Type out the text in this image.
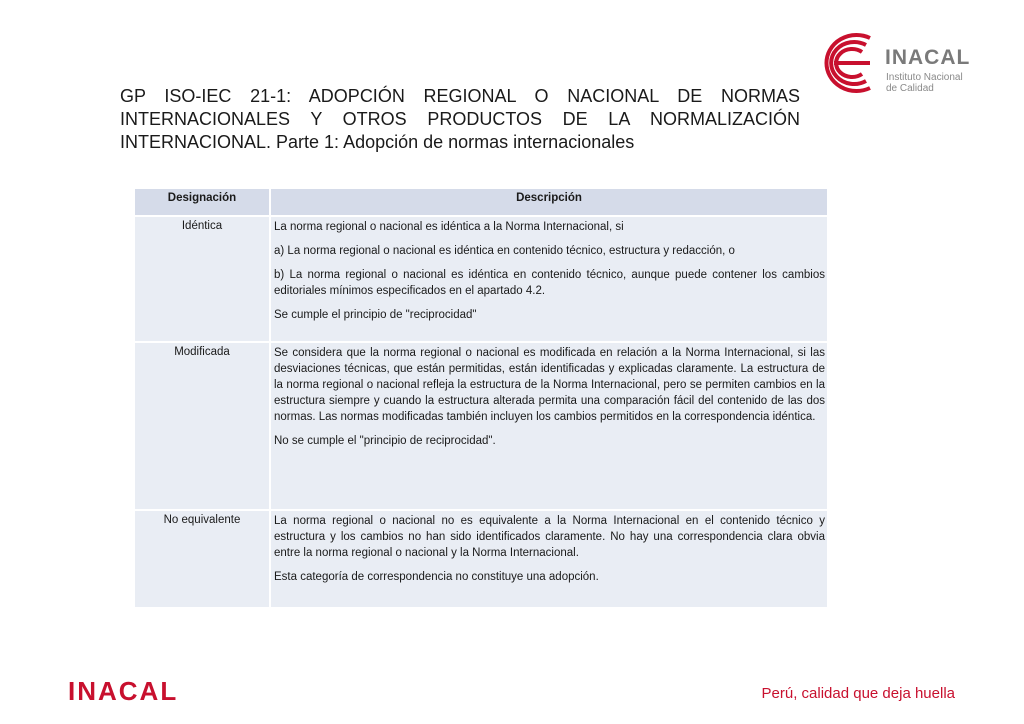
INACAL
Instituto Nacional
de Calidad
GP ISO-IEC 21-1: ADOPCIÓN REGIONAL O NACIONAL DE NORMAS INTERNACIONALES Y OTROS PRODUCTOS DE LA NORMALIZACIÓN INTERNACIONAL. Parte 1: Adopción de normas internacionales
Designación	Descripción
Idéntica	La norma regional o nacional es idéntica a la Norma Internacional, si

a) La norma regional o nacional es idéntica en contenido técnico, estructura y redacción, o

b) La norma regional o nacional es idéntica en contenido técnico, aunque puede contener los cambios editoriales mínimos especificados en el apartado 4.2.

Se cumple el principio de "reciprocidad"

Modificada	Se considera que la norma regional o nacional es modificada en relación a la Norma Internacional, si las desviaciones técnicas, que están permitidas, están identificadas y explicadas claramente. La estructura de la norma regional o nacional refleja la estructura de la Norma Internacional, pero se permiten cambios en la estructura siempre y cuando la estructura alterada permita una comparación fácil del contenido de las dos normas. Las normas modificadas también incluyen los cambios permitidos en la correspondencia idéntica.

No se cumple el "principio de reciprocidad".

No equivalente	La norma regional o nacional no es equivalente a la Norma Internacional en el contenido técnico y estructura y los cambios no han sido identificados claramente. No hay una correspondencia clara obvia entre la norma regional o nacional y la Norma Internacional.

Esta categoría de correspondencia no constituye una adopción.

INACAL	Perú, calidad que deja huella
